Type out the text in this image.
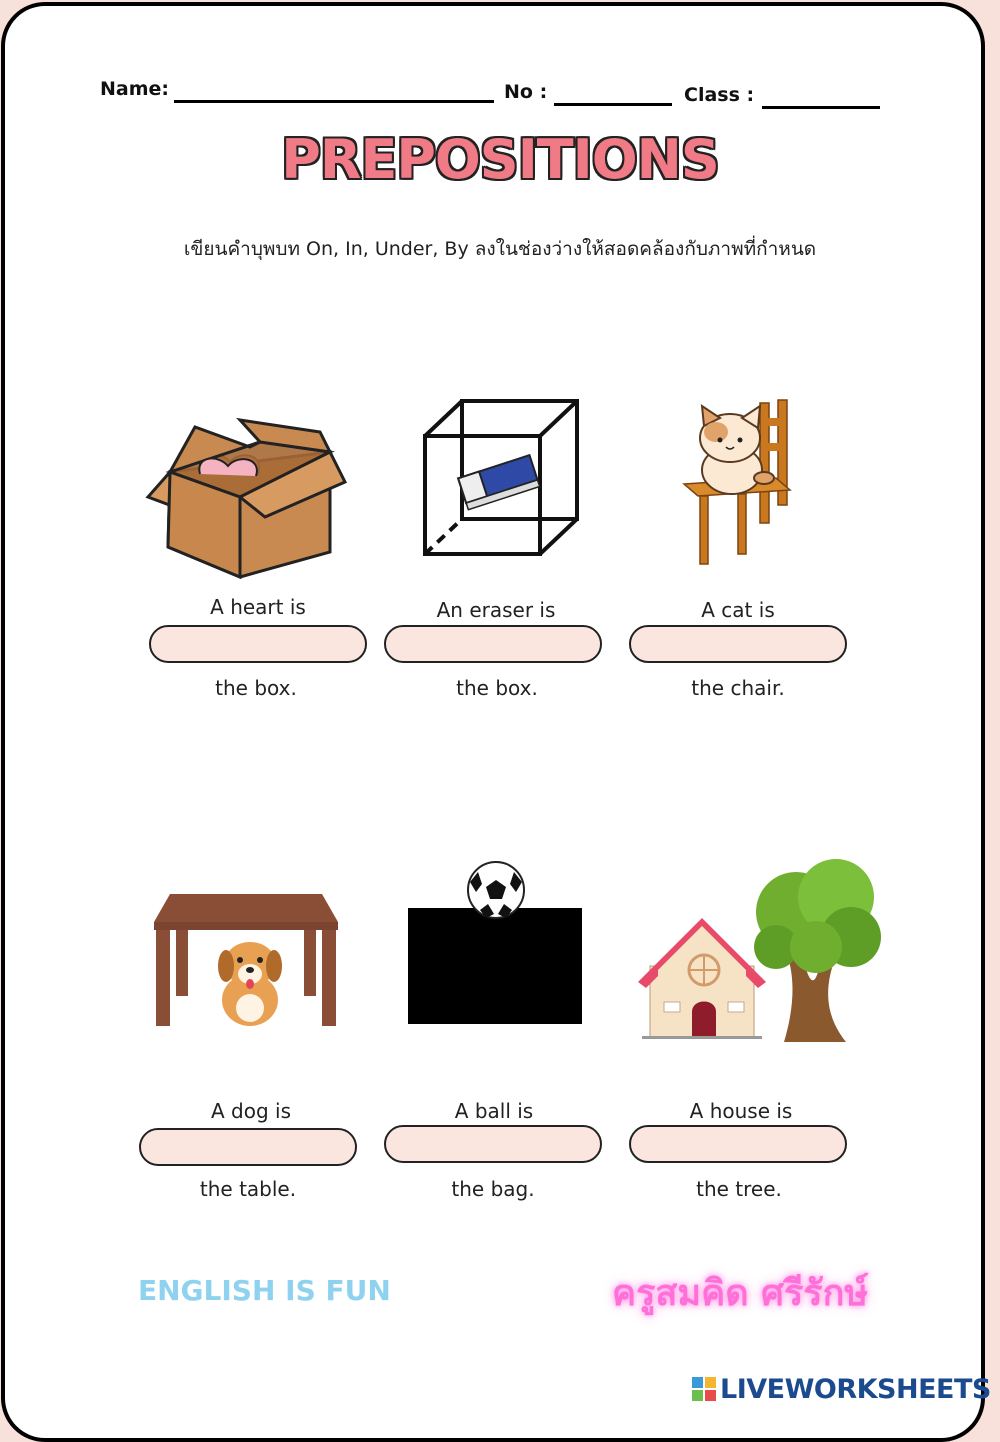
Name:	No :	Class :
PREPOSITIONS
เขียนคำบุพบท On, In, Under, By ลงในช่องว่างให้สอดคล้องกับภาพที่กำหนด
A heart is
the box.
An eraser is
the box.
A cat is
the chair.
A dog is
the table.
A ball is
the bag.
A house is
the tree.
ENGLISH IS FUN	ครูสมคิด ศรีรักษ์
LIVEWORKSHEETS
